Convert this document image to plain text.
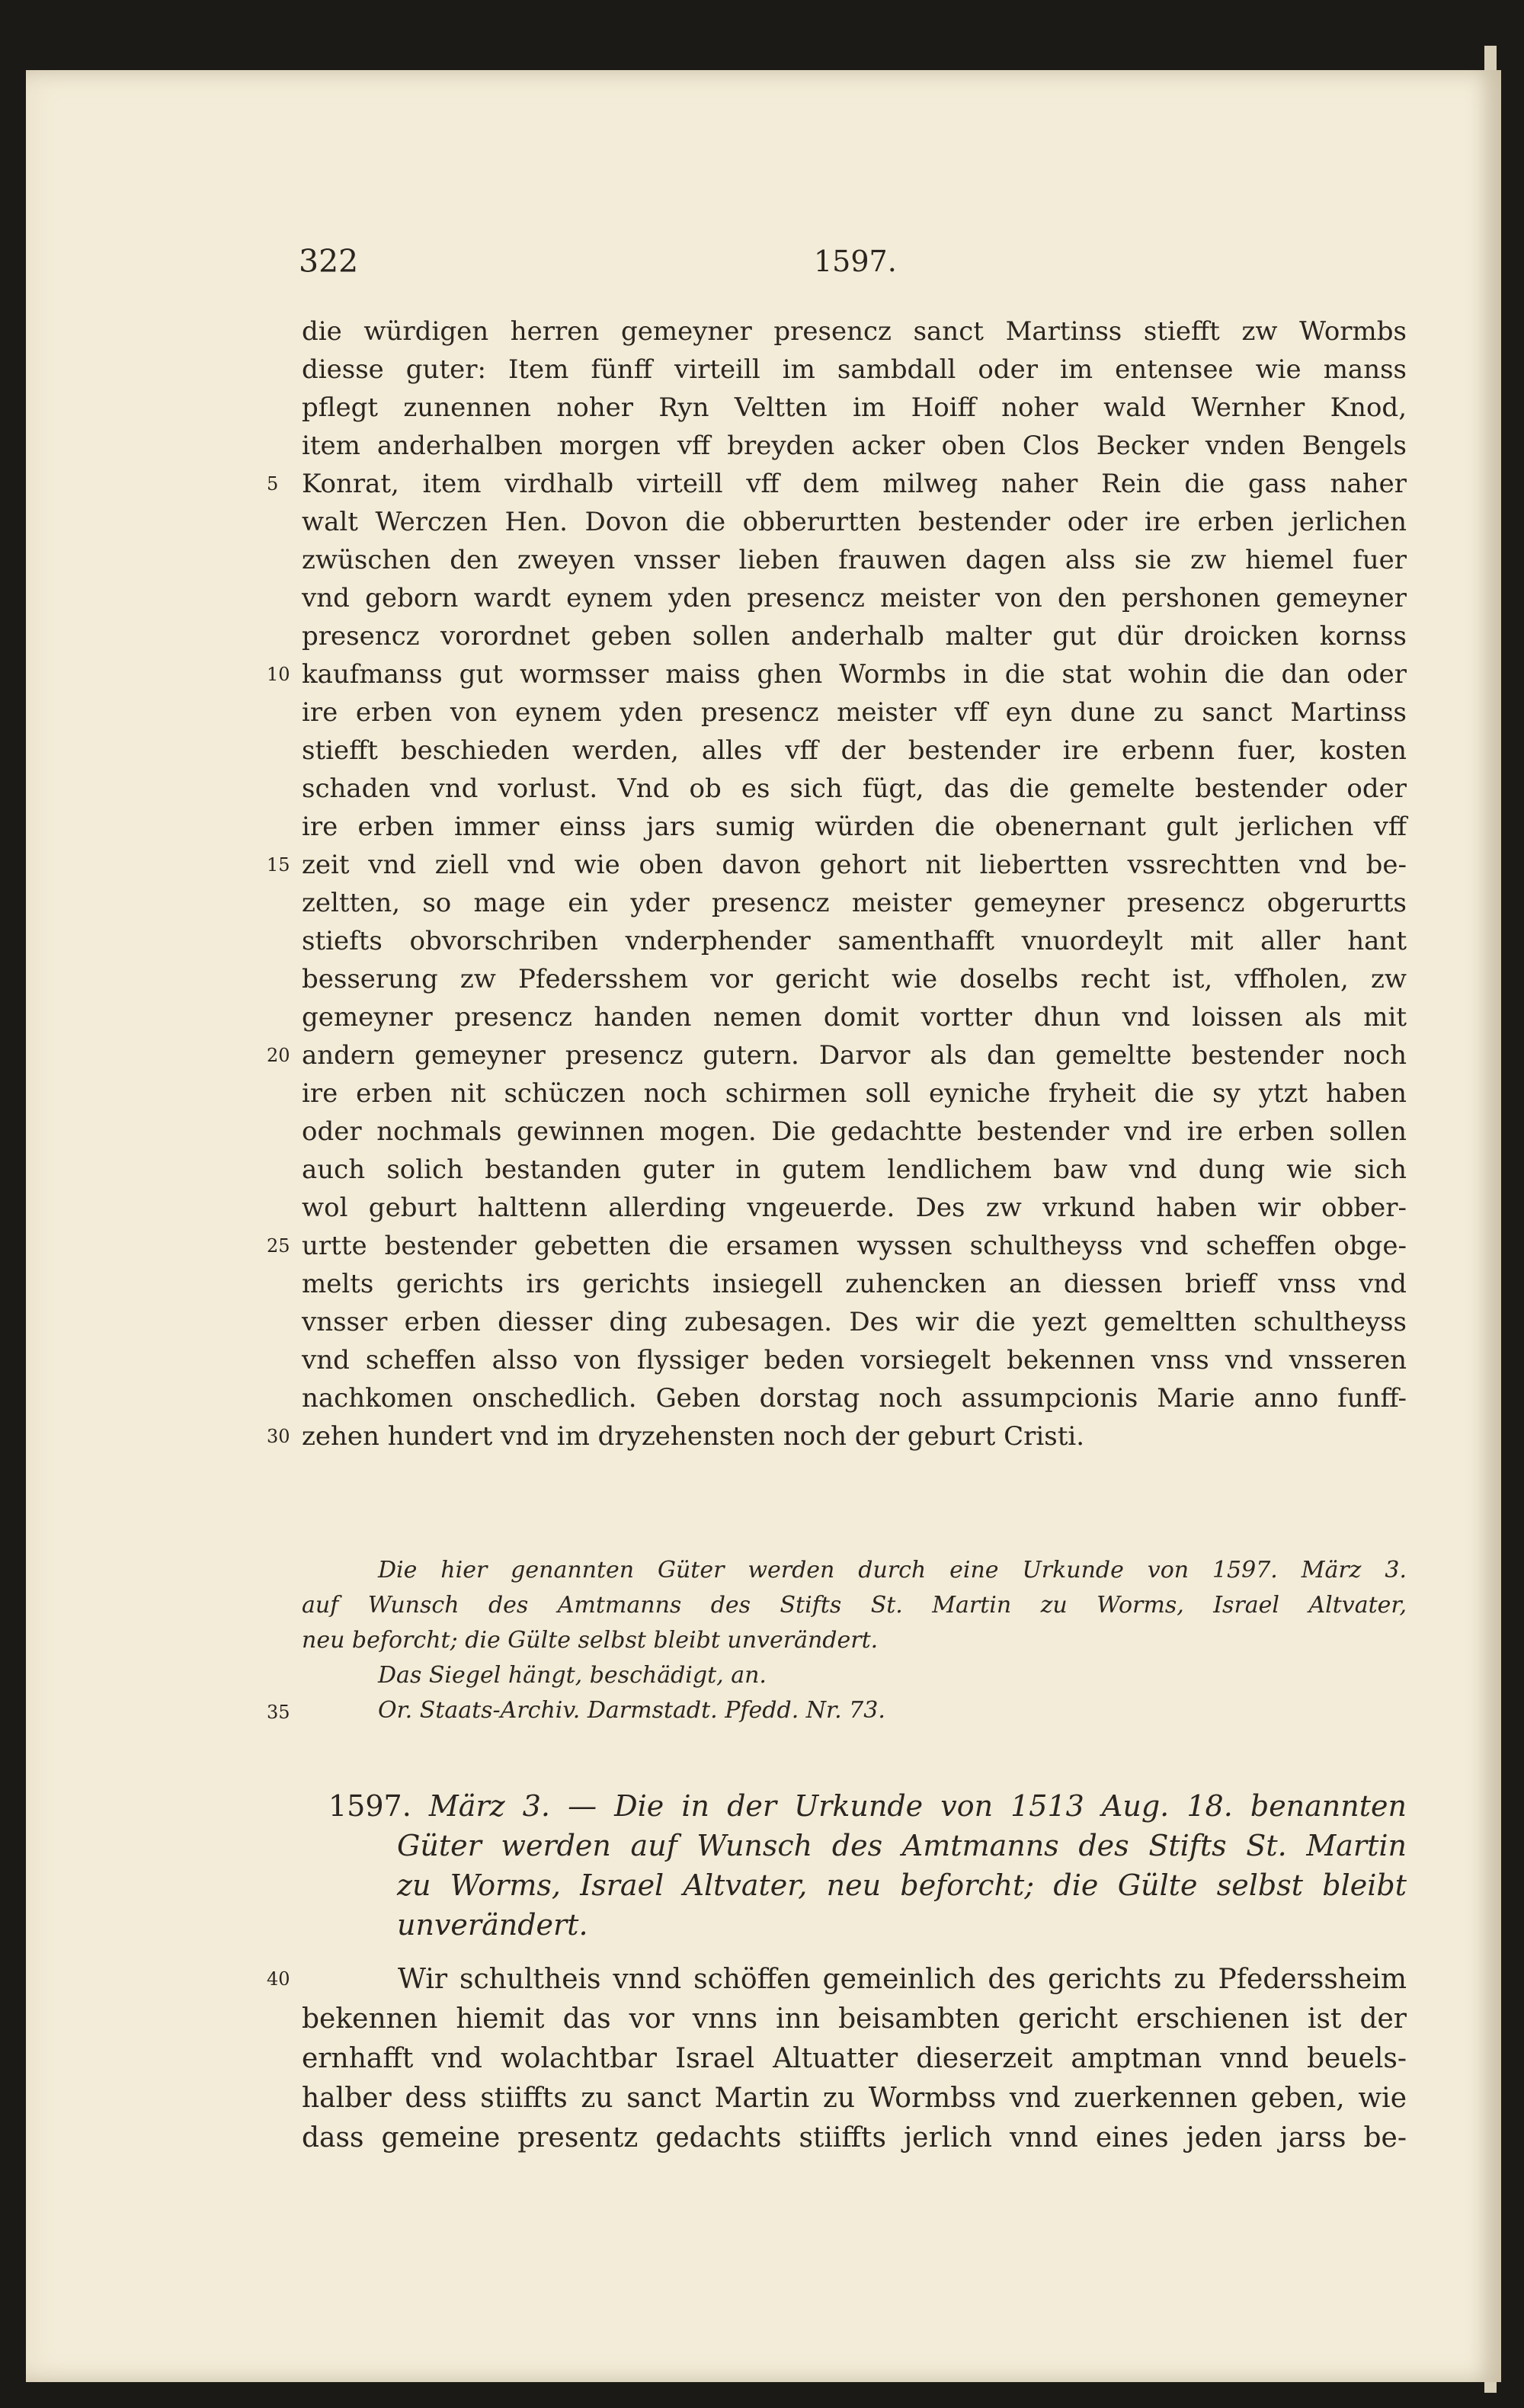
322	1597.
die würdigen herren gemeyner presencz sanct Martinss stiefft zw Wormbs
diesse guter: Item fünff virteill im sambdall oder im entensee wie manss
pflegt zunennen noher Ryn Veltten im Hoiff noher wald Wernher Knod,
item anderhalben morgen vff breyden acker oben Clos Becker vnden Bengels
5 Konrat, item virdhalb virteill vff dem milweg naher Rein die gass naher
walt Werczen Hen. Dovon die obberurtten bestender oder ire erben jerlichen
zwüschen den zweyen vnsser lieben frauwen dagen alss sie zw hiemel fuer
vnd geborn wardt eynem yden presencz meister von den pershonen gemeyner
presencz vorordnet geben sollen anderhalb malter gut dür droicken kornss
10 kaufmanss gut wormsser maiss ghen Wormbs in die stat wohin die dan oder
ire erben von eynem yden presencz meister vff eyn dune zu sanct Martinss
stiefft beschieden werden, alles vff der bestender ire erbenn fuer, kosten
schaden vnd vorlust. Vnd ob es sich fügt, das die gemelte bestender oder
ire erben immer einss jars sumig würden die obenernant gult jerlichen vff
15 zeit vnd ziell vnd wie oben davon gehort nit liebertten vssrechtten vnd be-
zeltten, so mage ein yder presencz meister gemeyner presencz obgerurtts
stiefts obvorschriben vnderphender samenthafft vnuordeylt mit aller hant
besserung zw Pfedersshem vor gericht wie doselbs recht ist, vffholen, zw
gemeyner presencz handen nemen domit vortter dhun vnd loissen als mit
20 andern gemeyner presencz gutern. Darvor als dan gemeltte bestender noch
ire erben nit schüczen noch schirmen soll eyniche fryheit die sy ytzt haben
oder nochmals gewinnen mogen. Die gedachtte bestender vnd ire erben sollen
auch solich bestanden guter in gutem lendlichem baw vnd dung wie sich
wol geburt halttenn allerding vngeuerde. Des zw vrkund haben wir obber-
25 urtte bestender gebetten die ersamen wyssen schultheyss vnd scheffen obge-
melts gerichts irs gerichts insiegell zuhencken an diessen brieff vnss vnd
vnsser erben diesser ding zubesagen. Des wir die yezt gemeltten schultheyss
vnd scheffen alsso von flyssiger beden vorsiegelt bekennen vnss vnd vnsseren
nachkomen onschedlich. Geben dorstag noch assumpcionis Marie anno funff-
30 zehen hundert vnd im dryzehensten noch der geburt Cristi.
Die hier genannten Güter werden durch eine Urkunde von 1597. März 3.
auf Wunsch des Amtmanns des Stifts St. Martin zu Worms, Israel Altvater,
neu beforcht; die Gülte selbst bleibt unverändert.
Das Siegel hängt, beschädigt, an.
35	Or. Staats-Archiv. Darmstadt. Pfedd. Nr. 73.
1597. März 3. — Die in der Urkunde von 1513 Aug. 18. benannten
Güter werden auf Wunsch des Amtmanns des Stifts St. Martin
zu Worms, Israel Altvater, neu beforcht; die Gülte selbst bleibt
unverändert.
40	Wir schultheis vnnd schöffen gemeinlich des gerichts zu Pfederssheim
bekennen hiemit das vor vnns inn beisambten gericht erschienen ist der
ernhafft vnd wolachtbar Israel Altuatter dieserzeit amptman vnnd beuels-
halber dess stiiffts zu sanct Martin zu Wormbss vnd zuerkennen geben, wie
dass gemeine presentz gedachts stiiffts jerlich vnnd eines jeden jarss be-
